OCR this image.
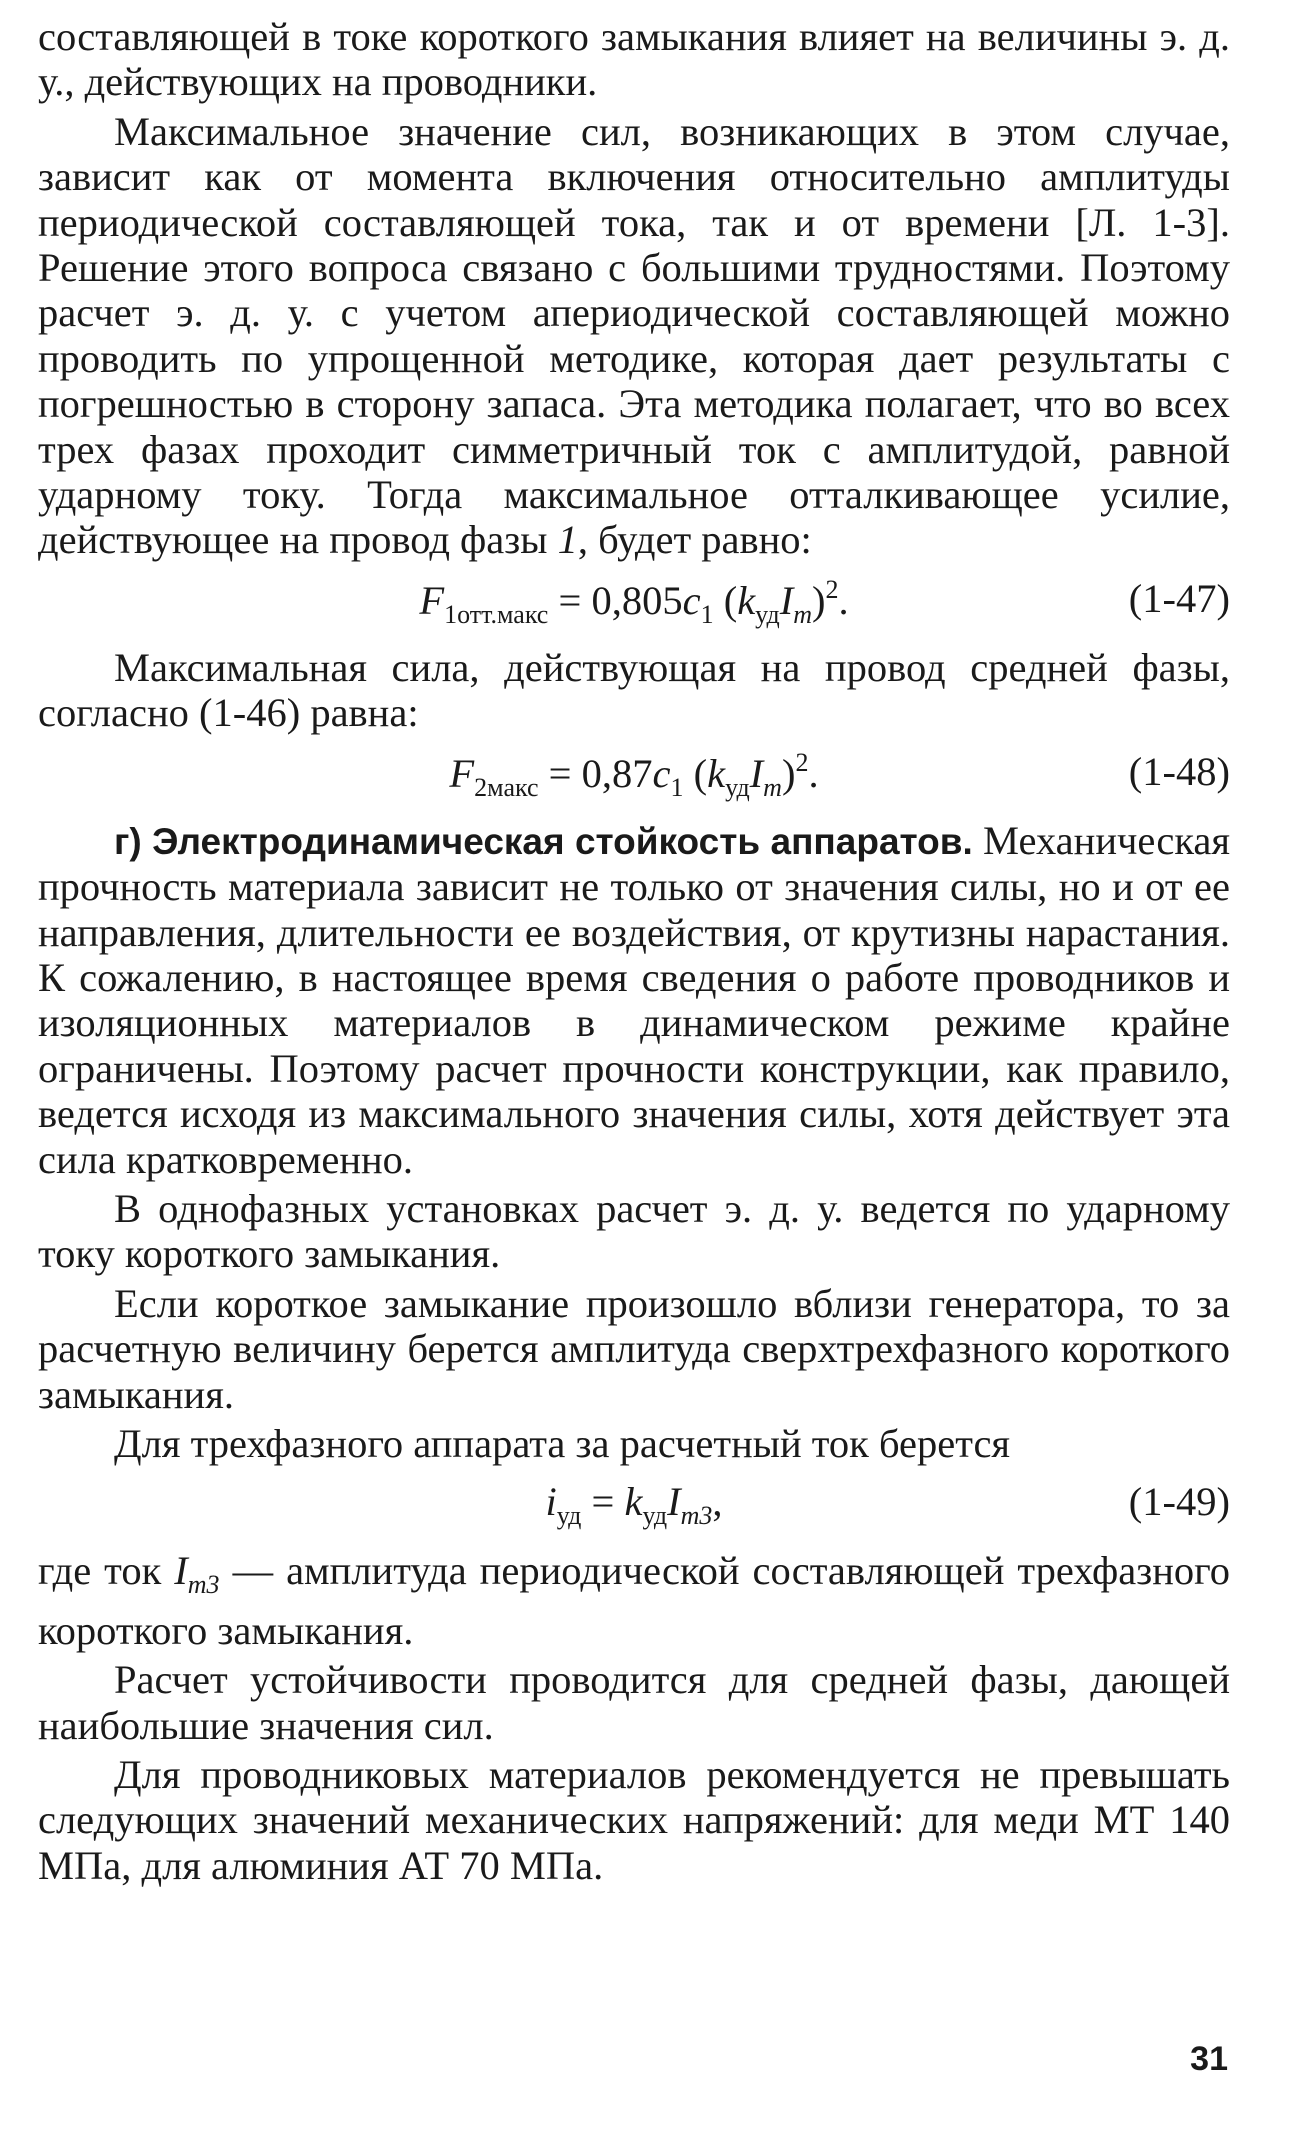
составляющей в токе короткого замыкания влияет на величины э. д. у., действующих на проводники.

Максимальное значение сил, возникающих в этом случае, зависит как от момента включения относительно амплитуды периодической составляющей тока, так и от времени [Л. 1-3]. Решение этого вопроса связано с большими трудностями. Поэтому расчет э. д. у. с учетом апериодической составляющей можно проводить по упрощенной методике, которая дает результаты с погрешностью в сторону запаса. Эта методика полагает, что во всех трех фазах проходит симметричный ток с амплитудой, равной ударному току. Тогда максимальное отталкивающее усилие, действующее на провод фазы 1, будет равно:

$F_{1отт.макс} = 0,805c_1$ $(k_{уд}I_m)^2$.	(1-47)

Максимальная сила, действующая на провод средней фазы, согласно (1-46) равна:

$F_{2макс} = 0,87c_1$ $(k_{уд}I_m)^2$.	(1-48)

г) Электродинамическая стойкость аппаратов. Механическая прочность материала зависит не только от значения силы, но и от ее направления, длительности ее воздействия, от крутизны нарастания. К сожалению, в настоящее время сведения о работе проводников и изоляционных материалов в динамическом режиме крайне ограничены. Поэтому расчет прочности конструкции, как правило, ведется исходя из максимального значения силы, хотя действует эта сила кратковременно.

В однофазных установках расчет э. д. у. ведется по ударному току короткого замыкания.

Если короткое замыкание произошло вблизи генератора, то за расчетную величину берется амплитуда сверхтрехфазного короткого замыкания.

Для трехфазного аппарата за расчетный ток берется

$i_{уд} = k_{уд}I_{m3}$,	(1-49)

где ток $I_{m3}$ — амплитуда периодической составляющей трехфазного короткого замыкания.

Расчет устойчивости проводится для средней фазы, дающей наибольшие значения сил.

Для проводниковых материалов рекомендуется не превышать следующих значений механических напряжений: для меди МТ 140 МПа, для алюминия АТ 70 МПа.

31
